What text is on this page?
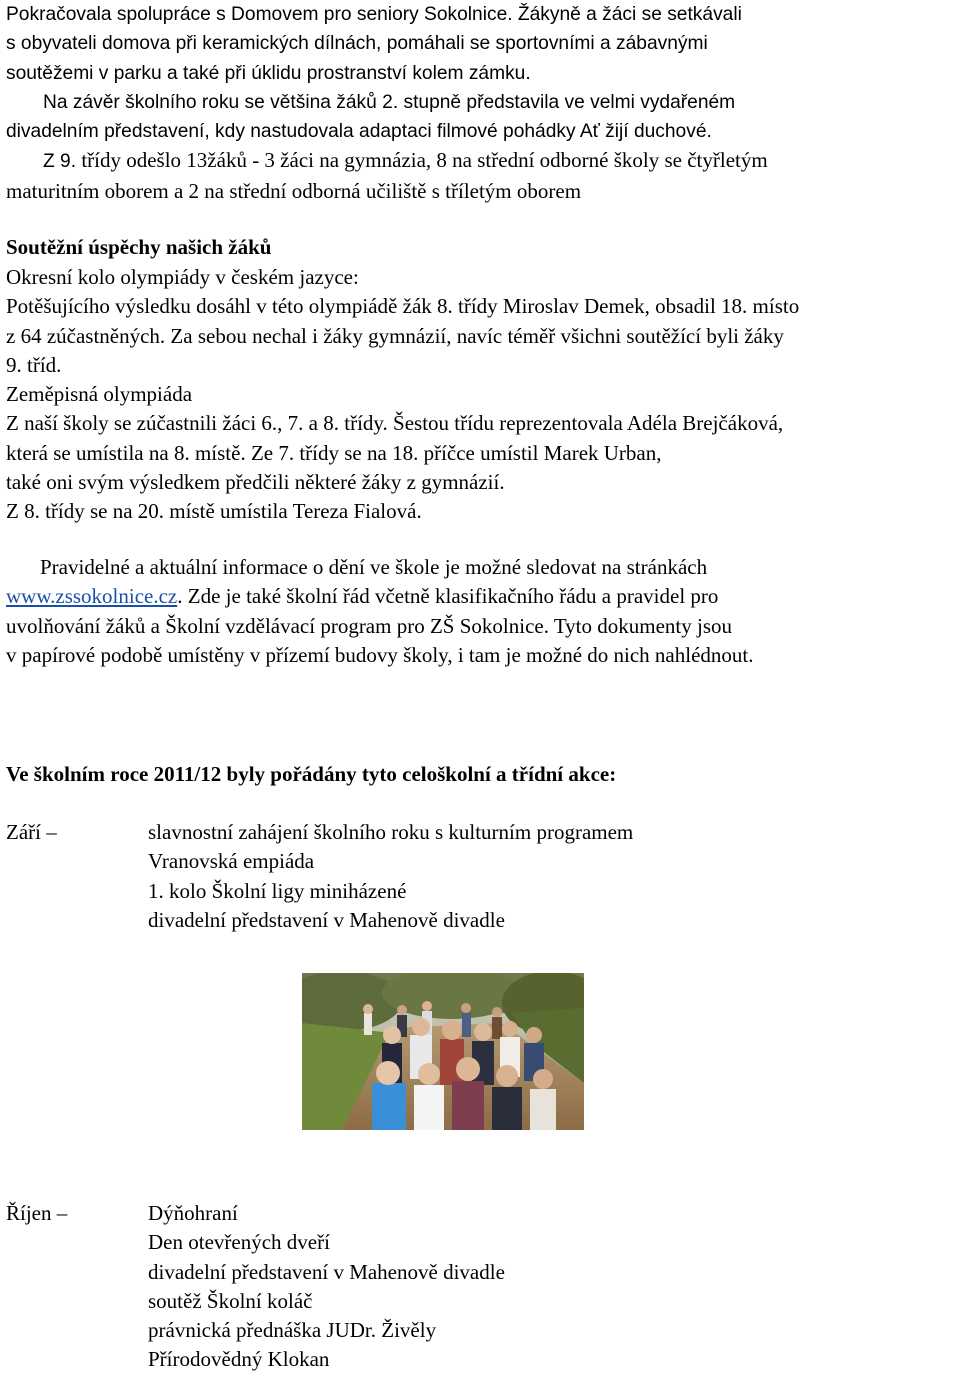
Pokračovala spolupráce s Domovem pro seniory Sokolnice. Žákyně a žáci se setkávali
s obyvateli domova při keramických dílnách, pomáhali se sportovními a zábavnými
soutěžemi v parku a také při úklidu prostranství kolem zámku.
Na závěr školního roku se většina žáků 2. stupně představila ve velmi vydařeném
divadelním představení, kdy nastudovala adaptaci filmové pohádky Ať žijí duchové.
Z 9. třídy odešlo 13žáků - 3 žáci na gymnázia, 8 na střední odborné školy se čtyřletým
maturitním oborem a 2 na střední odborná učiliště s tříletým oborem
Soutěžní úspěchy našich žáků
Okresní kolo olympiády v českém jazyce:
Potěšujícího výsledku dosáhl v této olympiádě žák 8. třídy Miroslav Demek, obsadil 18. místo
z 64 zúčastněných. Za sebou nechal i žáky gymnázií, navíc téměř všichni soutěžící byli žáky
9. tříd.
Zeměpisná olympiáda
Z naší školy se zúčastnili žáci 6., 7. a 8. třídy. Šestou třídu reprezentovala Adéla Brejčáková,
která se umístila na 8. místě. Ze 7. třídy se na 18. příčce umístil Marek Urban,
také oni svým výsledkem předčili některé žáky z gymnázií.
Z 8. třídy se na 20. místě umístila Tereza Fialová.
Pravidelné a aktuální informace o dění ve škole je možné sledovat na stránkách
www.zssokolnice.cz. Zde je také školní řád včetně klasifikačního řádu a pravidel pro
uvolňování žáků a Školní vzdělávací program pro ZŠ Sokolnice. Tyto dokumenty jsou
v papírové podobě umístěny v přízemí budovy školy, i tam je možné do nich nahlédnout.
Ve školním roce 2011/12 byly pořádány tyto celoškolní a třídní akce:
Září –	slavnostní zahájení školního roku s kulturním programem
Vranovská empiáda
1. kolo Školní ligy miniházené
divadelní představení v Mahenově divadle
Říjen –	Dýňohraní
Den otevřených dveří
divadelní představení v Mahenově divadle
soutěž Školní koláč
právnická přednáška JUDr. Živěly
Přírodovědný Klokan
